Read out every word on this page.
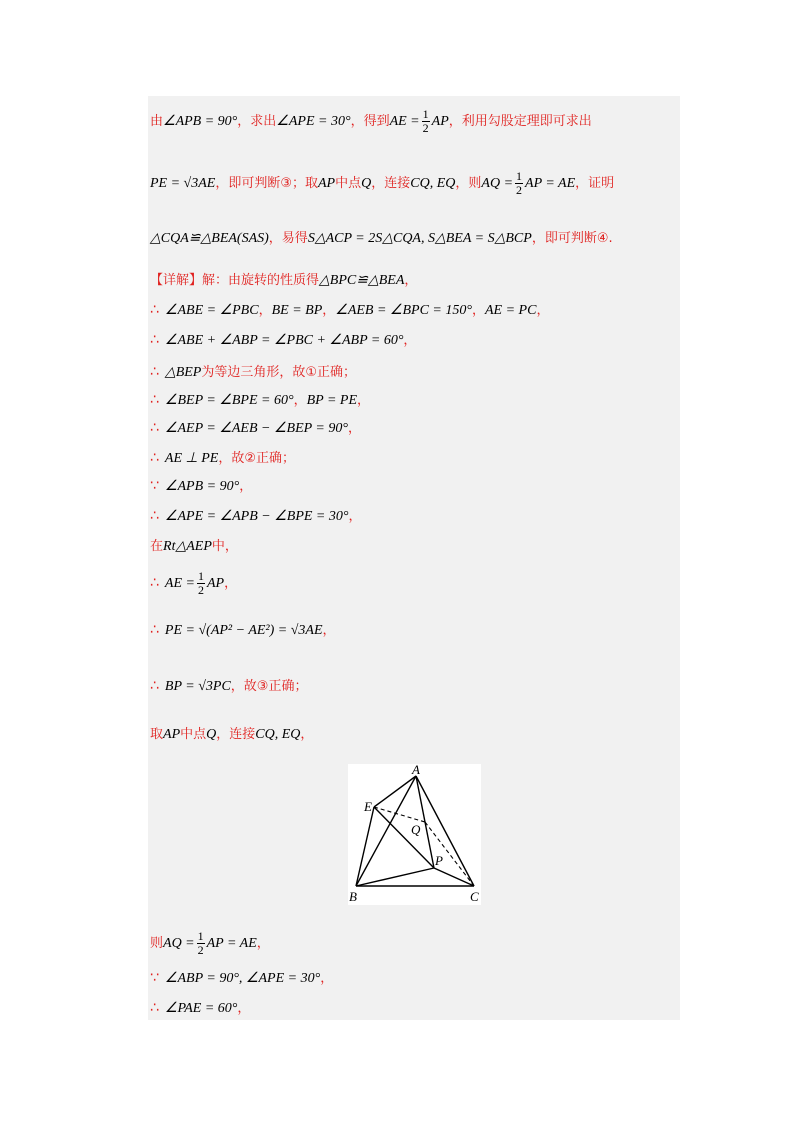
由∠APB = 90°，求出∠APE = 30°，得到AE = $\frac{1}{2}$ AP，利用勾股定理即可求出
PE = √3AE，即可判断③；取AP中点Q，连接CQ, EQ，则AQ = $\frac{1}{2}$ AP = AE，证明
△CQA≌△BEA(SAS)，易得S△ACP = 2S△CQA, S△BEA = S△BCP，即可判断④.
【详解】解：由旋转的性质得△BPC≌△BEA，
∴ ∠ABE = ∠PBC，BE = BP，∠AEB = ∠BPC = 150°，AE = PC，
∴ ∠ABE + ∠ABP = ∠PBC + ∠ABP = 60°，
∴ △BEP为等边三角形，故①正确；
∴ ∠BEP = ∠BPE = 60°，BP = PE，
∴ ∠AEP = ∠AEB − ∠BEP = 90°，
∴ AE ⊥ PE，故②正确；
∵ ∠APB = 90°，
∴ ∠APE = ∠APB − ∠BPE = 30°，
在Rt△AEP中，
∴ AE = $\frac{1}{2}$ AP，
∴ PE = √(AP² − AE²) = √3AE，
∴ BP = √3PC，故③正确；
取AP中点Q，连接CQ, EQ，
则AQ = $\frac{1}{2}$ AP = AE，
∵ ∠ABP = 90°, ∠APE = 30°，
∴ ∠PAE = 60°，
A
E
Q
P
B	C
